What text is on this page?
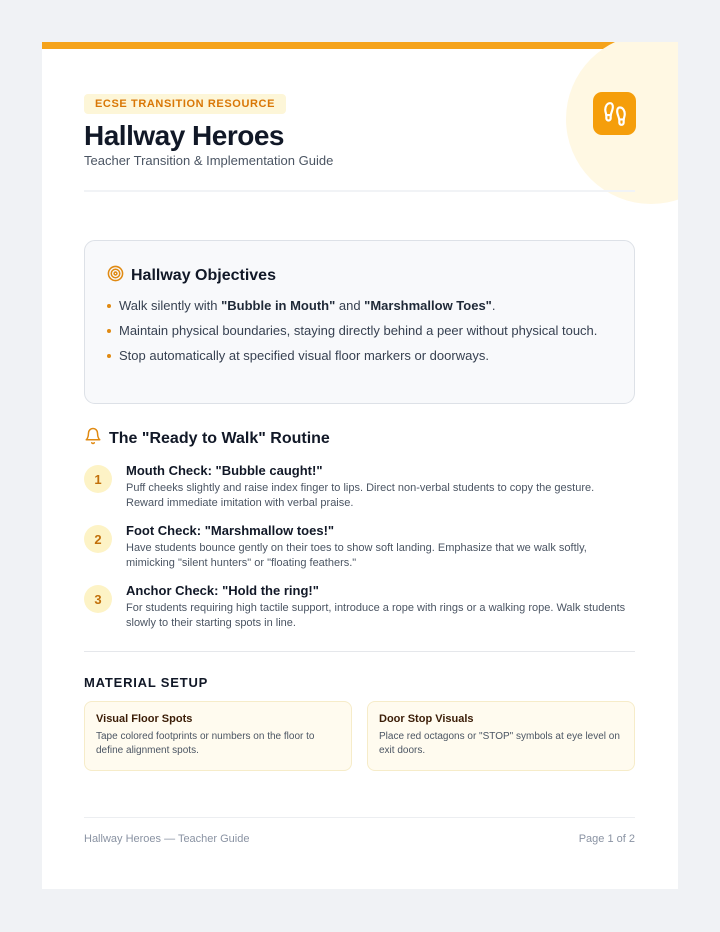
ECSE TRANSITION RESOURCE
Hallway Heroes
Teacher Transition & Implementation Guide
Hallway Objectives
Walk silently with "Bubble in Mouth" and "Marshmallow Toes".
Maintain physical boundaries, staying directly behind a peer without physical touch.
Stop automatically at specified visual floor markers or doorways.
The "Ready to Walk" Routine
1
Mouth Check: "Bubble caught!"
Puff cheeks slightly and raise index finger to lips. Direct non-verbal students to copy the gesture. Reward immediate imitation with verbal praise.
2
Foot Check: "Marshmallow toes!"
Have students bounce gently on their toes to show soft landing. Emphasize that we walk softly, mimicking "silent hunters" or "floating feathers."
3
Anchor Check: "Hold the ring!"
For students requiring high tactile support, introduce a rope with rings or a walking rope. Walk students slowly to their starting spots in line.
MATERIAL SETUP
Visual Floor Spots
Tape colored footprints or numbers on the floor to define alignment spots.
Door Stop Visuals
Place red octagons or "STOP" symbols at eye level on exit doors.
Hallway Heroes — Teacher Guide	Page 1 of 2
